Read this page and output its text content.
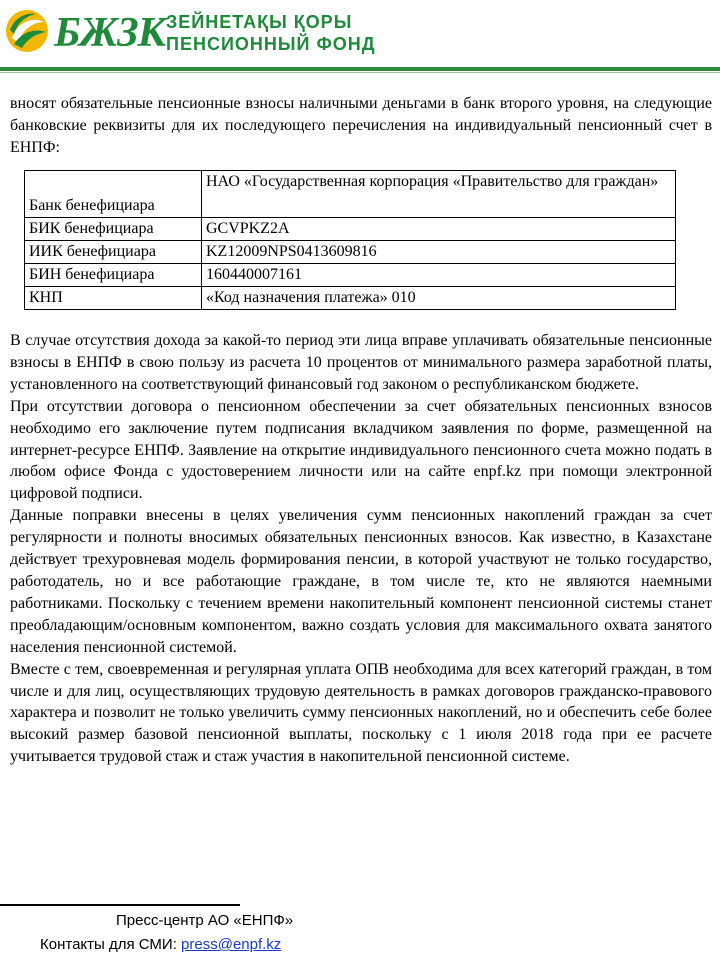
БЖЗК ЗЕЙНЕТАҚЫ ҚОРЫ
ПЕНСИОННЫЙ ФОНД

вносят обязательные пенсионные взносы наличными деньгами в банк второго уровня, на следующие банковские реквизиты для их последующего перечисления на индивидуальный пенсионный счет в ЕНПФ:

Банк бенефициара	НАО «Государственная корпорация «Правительство для граждан»
БИК бенефициара	GCVPKZ2A
ИИК бенефициара	KZ12009NPS0413609816
БИН бенефициара	160440007161
КНП	«Код назначения платежа» 010

В случае отсутствия дохода за какой-то период эти лица вправе уплачивать обязательные пенсионные взносы в ЕНПФ в свою пользу из расчета 10 процентов от минимального размера заработной платы, установленного на соответствующий финансовый год законом о республиканском бюджете.

При отсутствии договора о пенсионном обеспечении за счет обязательных пенсионных взносов необходимо его заключение путем подписания вкладчиком заявления по форме, размещенной на интернет-ресурсе ЕНПФ. Заявление на открытие индивидуального пенсионного счета можно подать в любом офисе Фонда с удостоверением личности или на сайте enpf.kz при помощи электронной цифровой подписи.

Данные поправки внесены в целях увеличения сумм пенсионных накоплений граждан за счет регулярности и полноты вносимых обязательных пенсионных взносов. Как известно, в Казахстане действует трехуровневая модель формирования пенсии, в которой участвуют не только государство, работодатель, но и все работающие граждане, в том числе те, кто не являются наемными работниками. Поскольку с течением времени накопительный компонент пенсионной системы станет преобладающим/основным компонентом, важно создать условия для максимального охвата занятого населения пенсионной системой.

Вместе с тем, своевременная и регулярная уплата ОПВ необходима для всех категорий граждан, в том числе и для лиц, осуществляющих трудовую деятельность в рамках договоров гражданско-правового характера и позволит не только увеличить сумму пенсионных накоплений, но и обеспечить себе более высокий размер базовой пенсионной выплаты, поскольку с 1 июля 2018 года при ее расчете учитывается трудовой стаж и стаж участия в накопительной пенсионной системе.

Пресс-центр АО «ЕНПФ»
Контакты для СМИ: press@enpf.kz
